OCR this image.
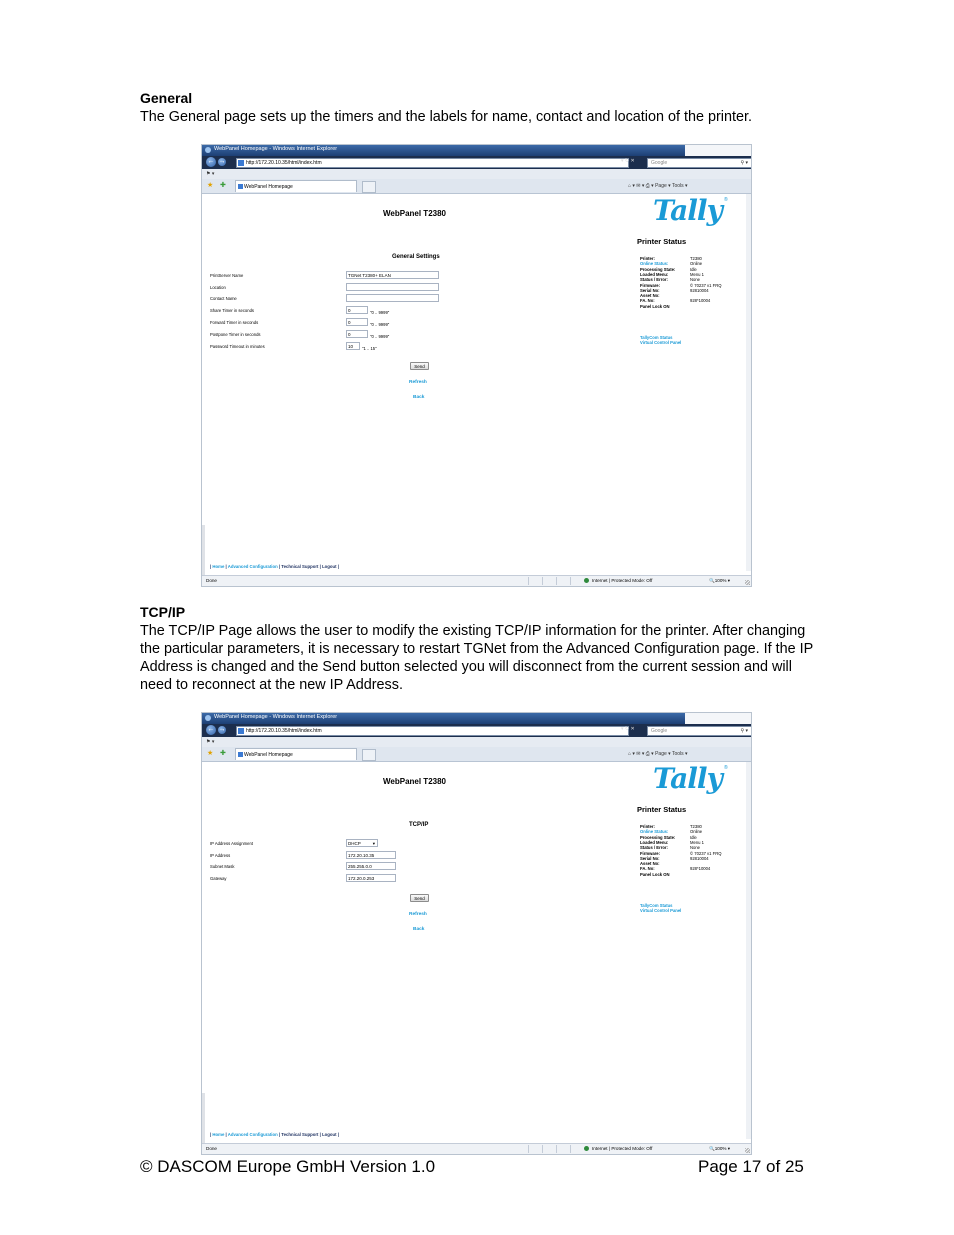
General
The General page sets up the timers and the labels for name, contact and location of the printer.
WebPanel Homepage - Windows Internet Explorer
← →	http://172.20.10.35/html/index.htm	▾ ↻ ✕	Google	⚲ ▾
⚑ ▾
★ ✚	WebPanel Homepage	⌂ ▾ ✉ ▾ ⎙ ▾ Page ▾ Tools ▾
WebPanel T2380	Tally ®
Printer Status
Printer:	T2380
Online Status:	Online
Processing State:	Idle
Loaded Menu:	Menu 1
Status / Error:	None
Firmware:	© 70237 v1 FRQ
Serial No:	92810004
Asset No:
FA. No:	928*10004
Panel Lock ON
TallyCom Status
Virtual Control Panel
General Settings
PrintServer Name	TGNet T2380+ ELAN
Location
Contact Name
Share Timer in seconds	0	"0 .. 9999"
Forward Timer in seconds	0	"0 .. 9999"
Postpone Timer in seconds	0	"0 .. 9999"
Password Timeout in minutes	10	"1 .. 15"
Send
Refresh
Back
| Home | Advanced Configuration | Technical Support | Logout |
Done	Internet | Protected Mode: Off	🔍100% ▾
TCP/IP
The TCP/IP Page allows the user to modify the existing TCP/IP information for the printer. After changing the particular parameters, it is necessary to restart TGNet from the Advanced Configuration page. If the IP Address is changed and the Send button selected you will disconnect from the current session and will need to reconnect at the new IP Address.
WebPanel Homepage - Windows Internet Explorer
← →	http://172.20.10.35/html/index.htm	▾ ↻ ✕	Google	⚲ ▾
⚑ ▾
★ ✚	WebPanel Homepage	⌂ ▾ ✉ ▾ ⎙ ▾ Page ▾ Tools ▾
WebPanel T2380	Tally ®
Printer Status
Printer:	T2380
Online Status:	Online
Processing State:	Idle
Loaded Menu:	Menu 1
Status / Error:	None
Firmware:	© 70237 v1 FRQ
Serial No:	92810004
Asset No:
FA. No:	928*10004
Panel Lock ON
TallyCom Status
Virtual Control Panel
TCP/IP
IP Address Assignment	DHCP	▾
IP Address	172.20.10.35
Subnet Mask	255.255.0.0
Gateway	172.20.0.253
Send
Refresh
Back
| Home | Advanced Configuration | Technical Support | Logout |
Done	Internet | Protected Mode: Off	🔍100% ▾
© DASCOM Europe GmbH Version 1.0	Page 17 of 25
